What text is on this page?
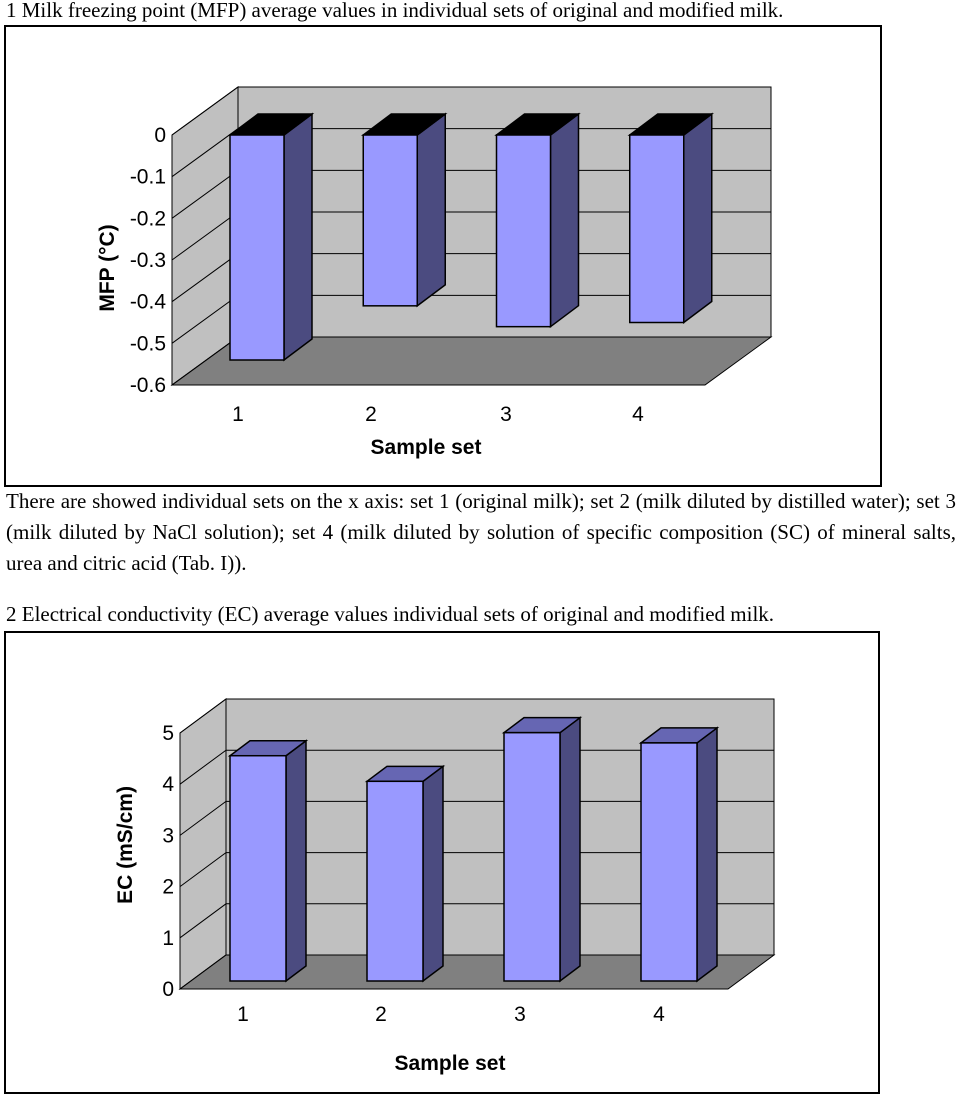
1 Milk freezing point (MFP) average values in individual sets of original and modified milk.
0
-0.1
-0.2
-0.3
-0.4
-0.5
-0.6
1	2	3	4
Sample set
MFP (°C)
5
4
3
2
1
0
1	2	3	4
Sample set
EC (mS/cm)
There are showed individual sets on the x axis: set 1 (original milk); set 2 (milk diluted by distilled water); set 3 (milk diluted by NaCl solution); set 4 (milk diluted by solution of specific composition (SC) of mineral salts, urea and citric acid (Tab. I)).
2 Electrical conductivity (EC) average values individual sets of original and modified milk.
